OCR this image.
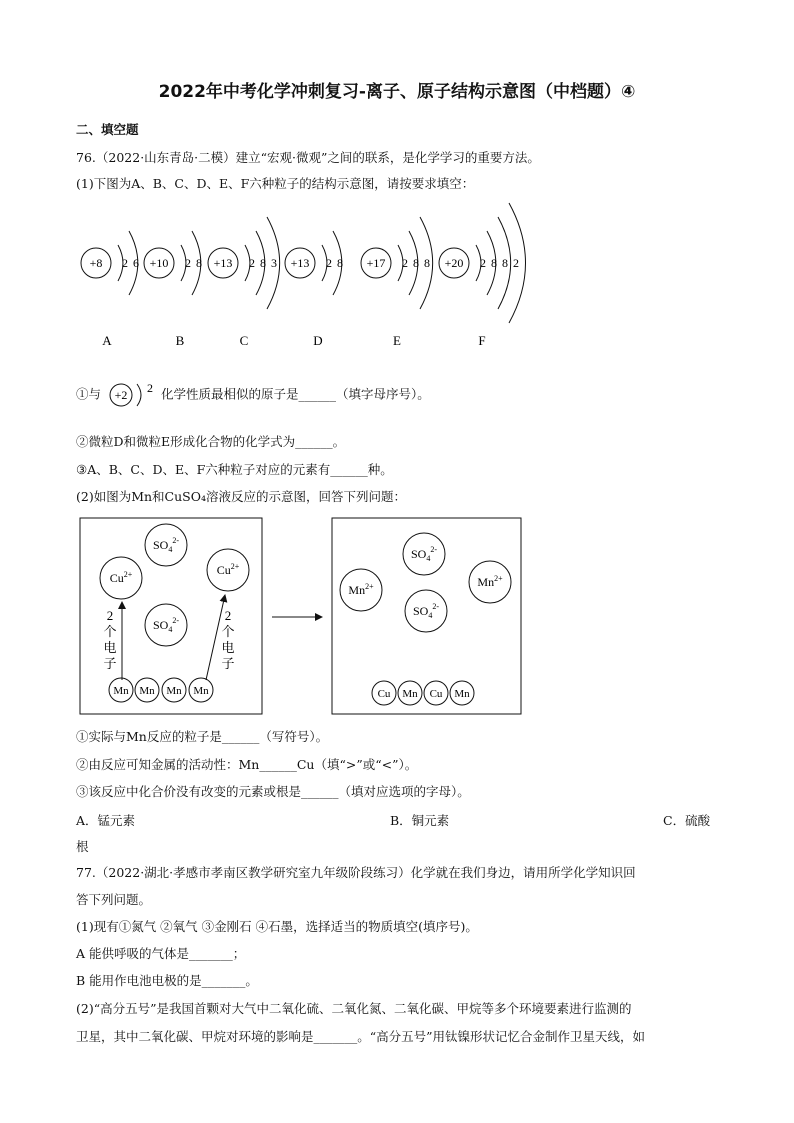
2022年中考化学冲刺复习-离子、原子结构示意图（中档题）④
二、填空题
76.（2022·山东青岛·二模）建立“宏观·微观”之间的联系，是化学学习的重要方法。
(1)下图为A、B、C、D、E、F六种粒子的结构示意图，请按要求填空：
+8 2 6 +10 2 8 +13 2 8 3 +13 2 8 +17 2 8 8 +20 2 8 8 2
A	B	C	D	E	F
①与 +2 2 化学性质最相似的原子是______（填字母序号）。
②微粒D和微粒E形成化合物的化学式为______。
③A、B、C、D、E、F六种粒子对应的元素有______种。
(2)如图为Mn和CuSO₄溶液反应的示意图，回答下列问题：
$SO_4^{2-}$
$Cu^{2+}$	$Cu^{2+}$
$SO_4^{2-}$
2
个
电
子
2
个
电
子
Mn Mn Mn Mn
$SO_4^{2-}$
$Mn^{2+}$	$Mn^{2+}$
$SO_4^{2-}$
Cu Mn Cu Mn
①实际与Mn反应的粒子是______（写符号）。
②由反应可知金属的活动性：Mn______Cu（填“>”或“<”）。
③该反应中化合价没有改变的元素或根是______（填对应选项的字母）。
A．锰元素	B．铜元素	C．硫酸
根
77.（2022·湖北·孝感市孝南区教学研究室九年级阶段练习）化学就在我们身边，请用所学化学知识回
答下列问题。
(1)现有①氮气 ②氧气 ③金刚石 ④石墨，选择适当的物质填空(填序号)。
A 能供呼吸的气体是_______；
B 能用作电池电极的是_______。
(2)“高分五号”是我国首颗对大气中二氧化硫、二氧化氮、二氧化碳、甲烷等多个环境要素进行监测的
卫星，其中二氧化碳、甲烷对环境的影响是_______。“高分五号”用钛镍形状记忆合金制作卫星天线，如
